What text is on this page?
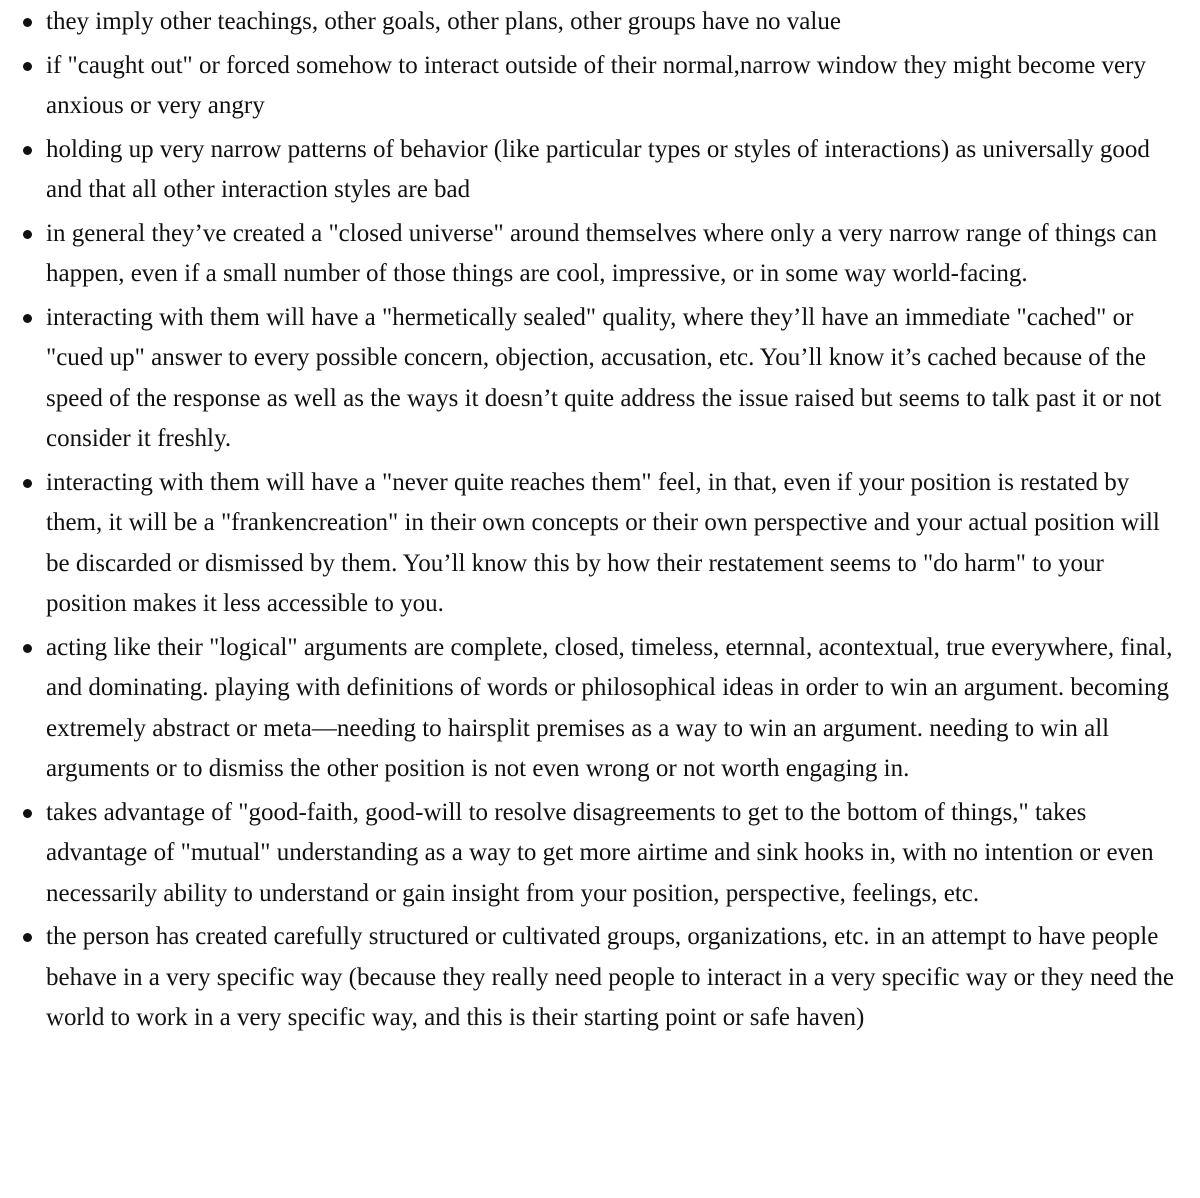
they imply other teachings, other goals, other plans, other groups have no value
if "caught out" or forced somehow to interact outside of their normal,narrow window they might become very anxious or very angry
holding up very narrow patterns of behavior (like particular types or styles of interactions) as universally good and that all other interaction styles are bad
in general they’ve created a "closed universe" around themselves where only a very narrow range of things can happen, even if a small number of those things are cool, impressive, or in some way world-facing.
interacting with them will have a "hermetically sealed" quality, where they’ll have an immediate "cached" or "cued up" answer to every possible concern, objection, accusation, etc. You’ll know it’s cached because of the speed of the response as well as the ways it doesn’t quite address the issue raised but seems to talk past it or not consider it freshly.
interacting with them will have a "never quite reaches them" feel, in that, even if your position is restated by them, it will be a "frankencreation" in their own concepts or their own perspective and your actual position will be discarded or dismissed by them. You’ll know this by how their restatement seems to "do harm" to your position makes it less accessible to you.
acting like their "logical" arguments are complete, closed, timeless, eternnal, acontextual, true everywhere, final, and dominating. playing with definitions of words or philosophical ideas in order to win an argument. becoming extremely abstract or meta—needing to hairsplit premises as a way to win an argument. needing to win all arguments or to dismiss the other position is not even wrong or not worth engaging in.
takes advantage of "good-faith, good-will to resolve disagreements to get to the bottom of things," takes advantage of "mutual" understanding as a way to get more airtime and sink hooks in, with no intention or even necessarily ability to understand or gain insight from your position, perspective, feelings, etc.
the person has created carefully structured or cultivated groups, organizations, etc. in an attempt to have people behave in a very specific way (because they really need people to interact in a very specific way or they need the world to work in a very specific way, and this is their starting point or safe haven)
